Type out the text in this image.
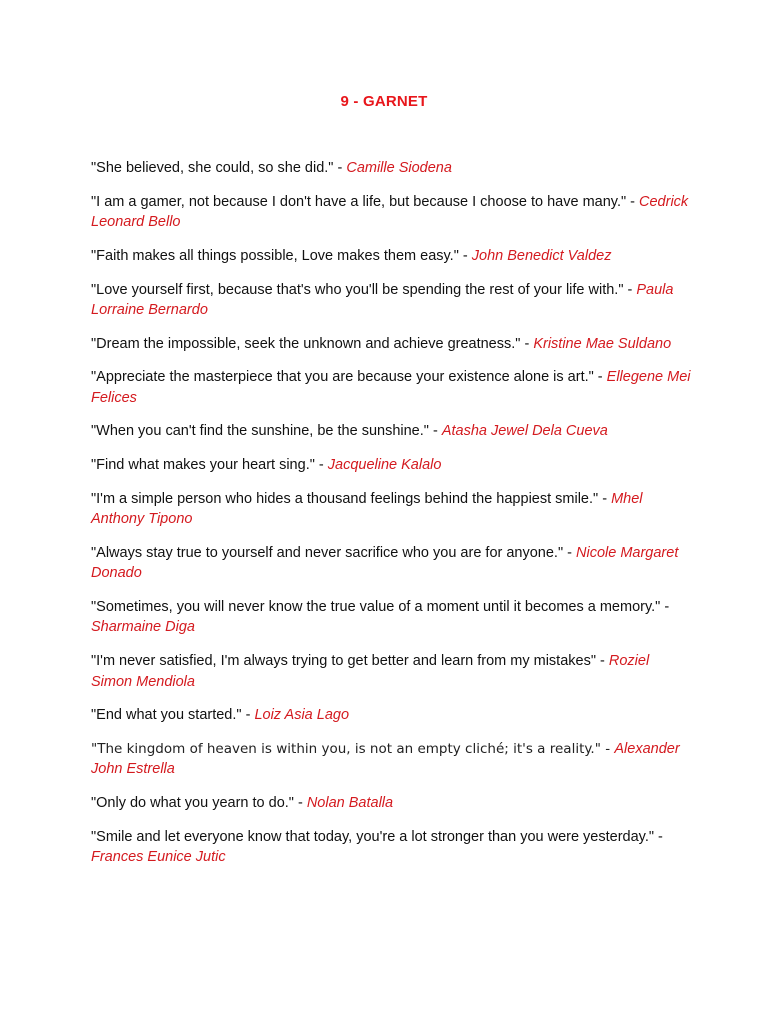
9 - GARNET

"She believed, she could, so she did." - Camille Siodena

"I am a gamer, not because I don't have a life, but because I choose to have many." - Cedrick Leonard Bello

"Faith makes all things possible, Love makes them easy." - John Benedict Valdez

"Love yourself first, because that's who you'll be spending the rest of your life with." - Paula Lorraine Bernardo

"Dream the impossible, seek the unknown and achieve greatness." - Kristine Mae Suldano

"Appreciate the masterpiece that you are because your existence alone is art." - Ellegene Mei Felices

"When you can't find the sunshine, be the sunshine." - Atasha Jewel Dela Cueva

"Find what makes your heart sing." - Jacqueline Kalalo

"I'm a simple person who hides a thousand feelings behind the happiest smile." - Mhel Anthony Tipono

"Always stay true to yourself and never sacrifice who you are for anyone." - Nicole Margaret Donado

"Sometimes, you will never know the true value of a moment until it becomes a memory." - Sharmaine Diga

"I'm never satisfied, I'm always trying to get better and learn from my mistakes" - Roziel Simon Mendiola

"End what you started." - Loiz Asia Lago

"The kingdom of heaven is within you, is not an empty cliché; it's a reality." - Alexander John Estrella

"Only do what you yearn to do." - Nolan Batalla

"Smile and let everyone know that today, you're a lot stronger than you were yesterday." - Frances Eunice Jutic
